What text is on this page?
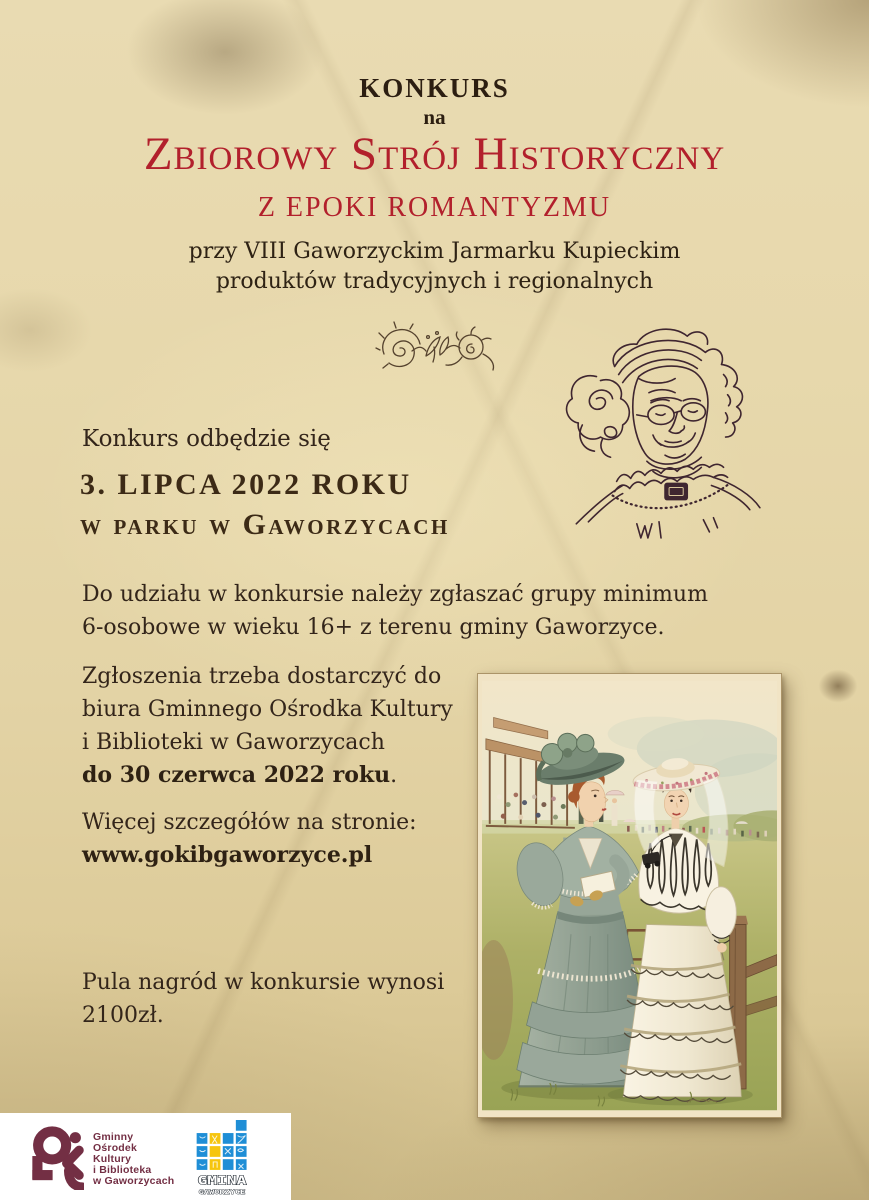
KONKURS
na
Zbiorowy Strój Historyczny
Z EPOKI ROMANTYZMU
przy VIII Gaworzyckim Jarmarku Kupieckim
produktów tradycyjnych i regionalnych
Konkurs odbędzie się
3. LIPCA 2022 ROKU
w parku w Gaworzycach
Do udziału w konkursie należy zgłaszać grupy minimum
6-osobowe w wieku 16+ z terenu gminy Gaworzyce.
Zgłoszenia trzeba dostarczyć do
biura Gminnego Ośrodka Kultury
i Biblioteki w Gaworzycach
do 30 czerwca 2022 roku.
Więcej szczegółów na stronie:
www.gokibgaworzyce.pl
Pula nagród w konkursie wynosi
2100zł.
Gminny
Ośrodek
Kultury
i Biblioteka
w Gaworzycach GMINA
GAWORZYCE
